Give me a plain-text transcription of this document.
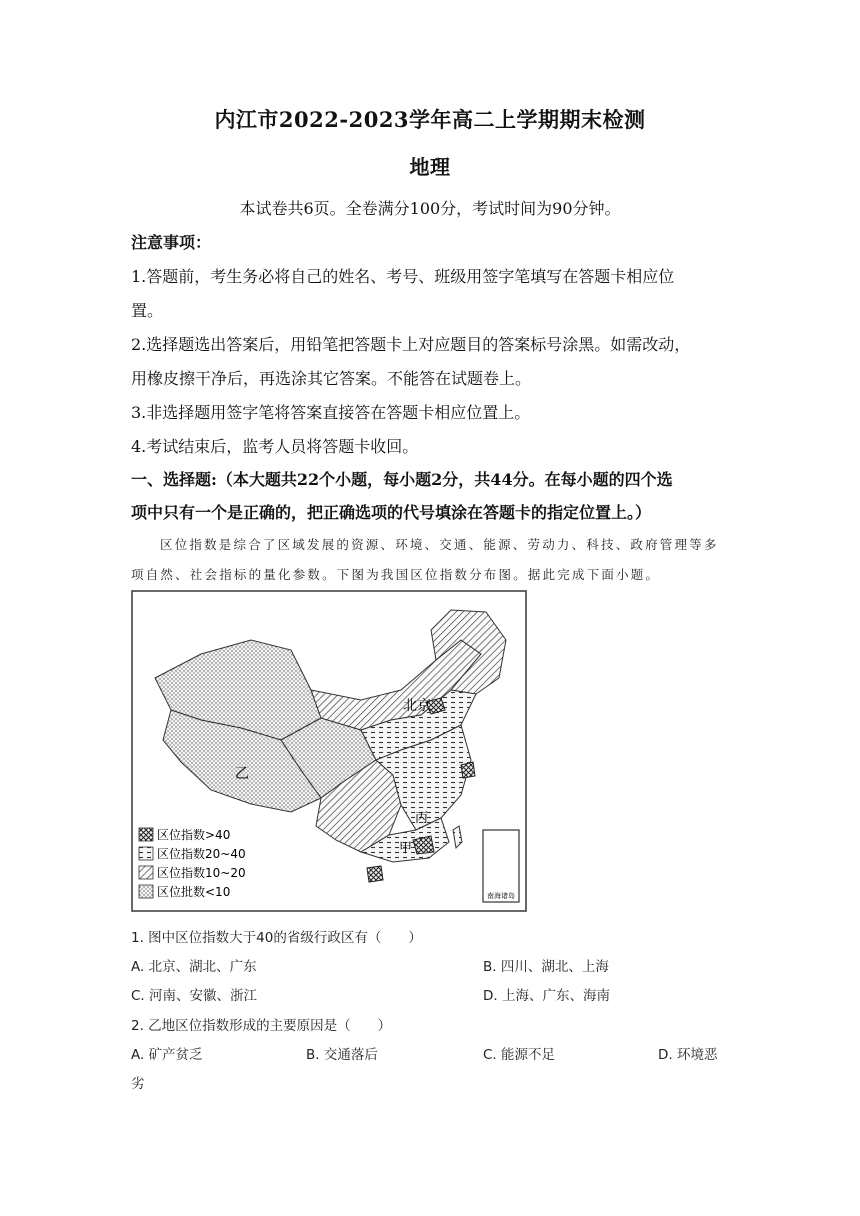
内江市2022-2023学年高二上学期期末检测
地理
本试卷共6页。全卷满分100分，考试时间为90分钟。
注意事项：
1.答题前，考生务必将自己的姓名、考号、班级用签字笔填写在答题卡相应位
置。
2.选择题选出答案后，用铅笔把答题卡上对应题目的答案标号涂黑。如需改动，
用橡皮擦干净后，再选涂其它答案。不能答在试题卷上。
3.非选择题用签字笔将答案直接答在答题卡相应位置上。
4.考试结束后，监考人员将答题卡收回。
一、选择题:（本大题共22个小题，每小题2分，共44分。在每小题的四个选
项中只有一个是正确的，把正确选项的代号填涂在答题卡的指定位置上。）
区位指数是综合了区域发展的资源、环境、交通、能源、劳动力、科技、政府管理等多
项自然、社会指标的量化参数。下图为我国区位指数分布图。据此完成下面小题。
南海诸岛
北京
乙
丙
甲
区位指数>40
区位指数20~40
区位指数10~20
区位批数<10
1. 图中区位指数大于40的省级行政区有（　　）
A. 北京、湖北、广东	B. 四川、湖北、上海
C. 河南、安徽、浙江	D. 上海、广东、海南
2. 乙地区位指数形成的主要原因是（　　）
A. 矿产贫乏	B. 交通落后	C. 能源不足	D. 环境恶
劣
